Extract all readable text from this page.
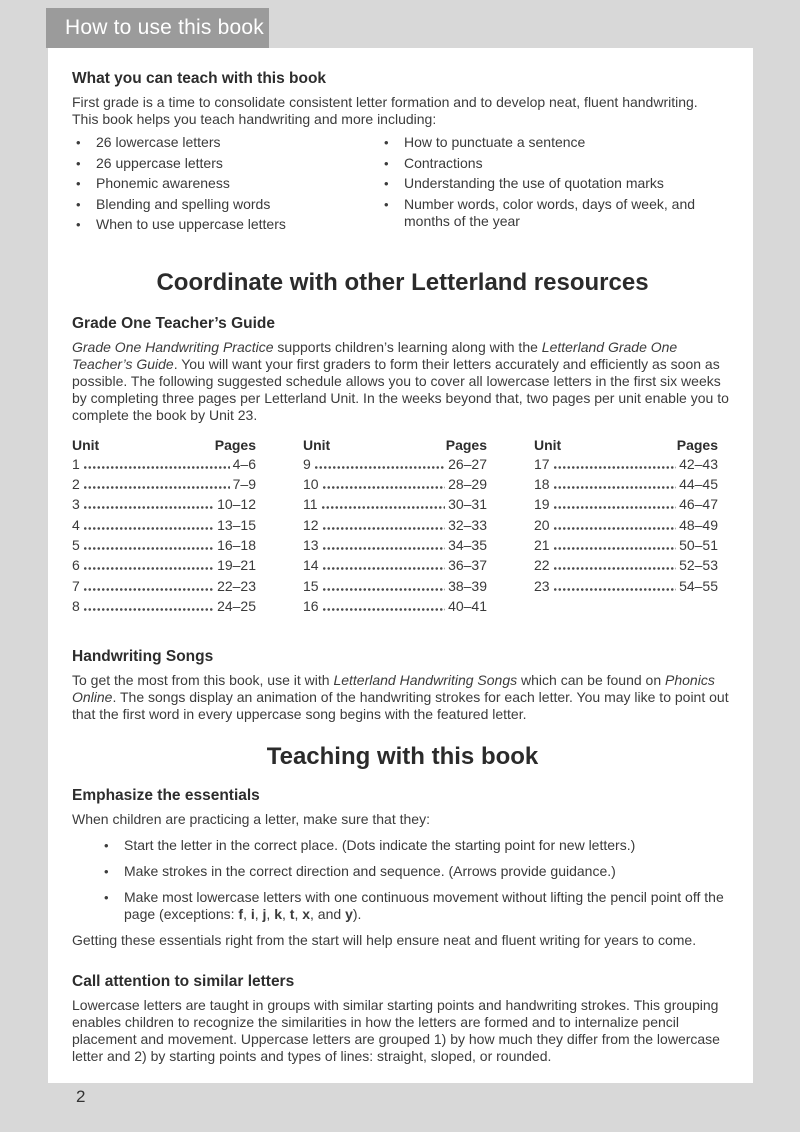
How to use this book
What you can teach with this book
First grade is a time to consolidate consistent letter formation and to develop neat, fluent handwriting.
This book helps you teach handwriting and more including:
•	26 lowercase letters
•	26 uppercase letters
•	Phonemic awareness
•	Blending and spelling words
•	When to use uppercase letters
•	How to punctuate a sentence
•	Contractions
•	Understanding the use of quotation marks
•	Number words, color words, days of week, and months of the year
Coordinate with other Letterland resources
Grade One Teacher’s Guide

Grade One Handwriting Practice supports children’s learning along with the Letterland Grade One Teacher’s Guide. You will want your first graders to form their letters accurately and efficiently as soon as possible. The following suggested schedule allows you to cover all lowercase letters in the first six weeks by completing three pages per Letterland Unit. In the weeks beyond that, two pages per unit enable you to complete the book by Unit 23.

Unit	Pages
1	4–6
2	7–9
3	10–12
4	13–15
5	16–18
6	19–21
7	22–23
8	24–25
Unit	Pages
9	26–27
10	28–29
11	30–31
12	32–33
13	34–35
14	36–37
15	38–39
16	40–41
Unit	Pages
17	42–43
18	44–45
19	46–47
20	48–49
21	50–51
22	52–53
23	54–55
Handwriting Songs

To get the most from this book, use it with Letterland Handwriting Songs which can be found on Phonics Online. The songs display an animation of the handwriting strokes for each letter. You may like to point out that the first word in every uppercase song begins with the featured letter.

Teaching with this book
Emphasize the essentials

When children are practicing a letter, make sure that they:

•	Start the letter in the correct place. (Dots indicate the starting point for new letters.)
•	Make strokes in the correct direction and sequence. (Arrows provide guidance.)
•	Make most lowercase letters with one continuous movement without lifting the pencil point off the page (exceptions: f, i, j, k, t, x, and y).

Getting these essentials right from the start will help ensure neat and fluent writing for years to come.

Call attention to similar letters

Lowercase letters are taught in groups with similar starting points and handwriting strokes. This grouping enables children to recognize the similarities in how the letters are formed and to internalize pencil placement and movement. Uppercase letters are grouped 1) by how much they differ from the lowercase letter and 2) by starting points and types of lines: straight, sloped, or rounded.

2
